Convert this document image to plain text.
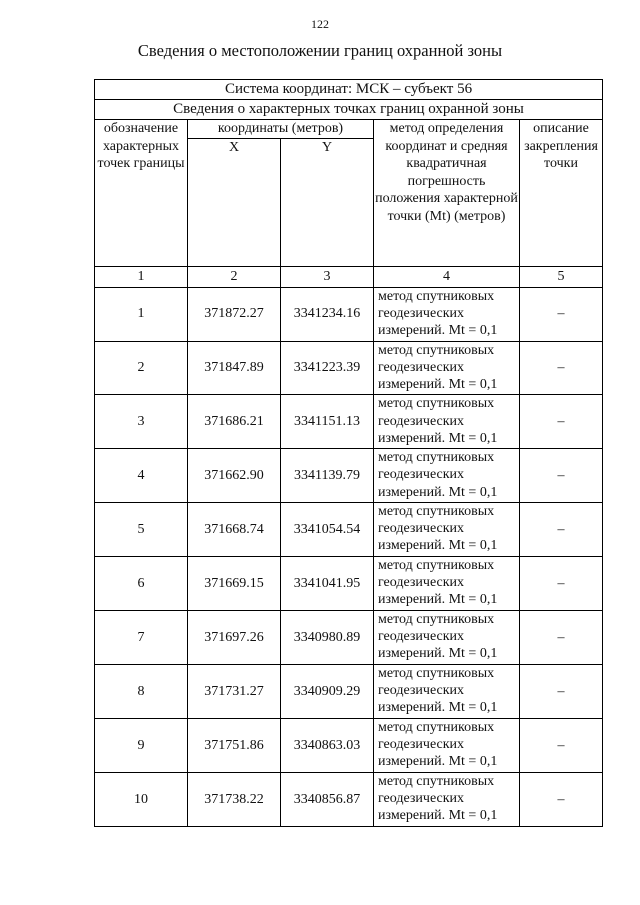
122
Сведения о местоположении границ охранной зоны
Система координат: МСК – субъект 56				
Сведения о характерных точках границ охранной зоны				
обозначение характерных точек границы	координаты (метров)		метод определения координат и средняя квадратичная погрешность положения характерной точки (Mt) (метров)	описание закрепления точки
	X	Y		
1	2	3	4	5
1	371872.27	3341234.16	метод спутниковых геодезических измерений. Mt = 0,1	–
2	371847.89	3341223.39	метод спутниковых геодезических измерений. Mt = 0,1	–
3	371686.21	3341151.13	метод спутниковых геодезических измерений. Mt = 0,1	–
4	371662.90	3341139.79	метод спутниковых геодезических измерений. Mt = 0,1	–
5	371668.74	3341054.54	метод спутниковых геодезических измерений. Mt = 0,1	–
6	371669.15	3341041.95	метод спутниковых геодезических измерений. Mt = 0,1	–
7	371697.26	3340980.89	метод спутниковых геодезических измерений. Mt = 0,1	–
8	371731.27	3340909.29	метод спутниковых геодезических измерений. Mt = 0,1	–
9	371751.86	3340863.03	метод спутниковых геодезических измерений. Mt = 0,1	–
10	371738.22	3340856.87	метод спутниковых геодезических измерений. Mt = 0,1	–
